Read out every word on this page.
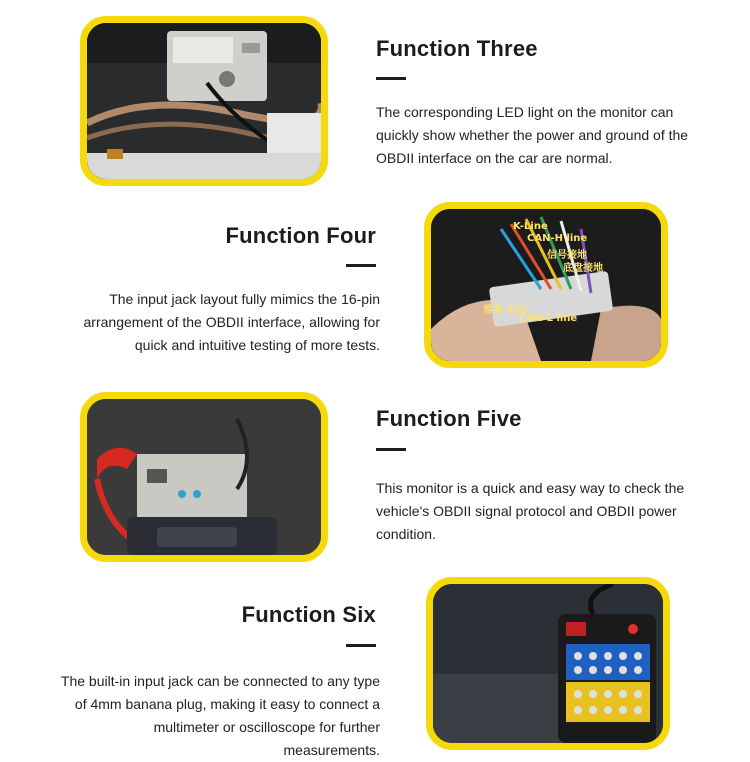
Function Three

The corresponding LED light on the monitor can quickly show whether the power and ground of the OBDII interface on the car are normal.

Function Four

The input jack layout fully mimics the 16-pin arrangement of the OBDII interface, allowing for quick and intuitive testing of more tests.

K-Line
CAN-H line
信号接地
底盘接地
常电 12V
CAN-L line
Function Five

This monitor is a quick and easy way to check the vehicle's OBDII signal protocol and OBDII power condition.

Function Six

The built-in input jack can be connected to any type of 4mm banana plug, making it easy to connect a multimeter or oscilloscope for further measurements.
